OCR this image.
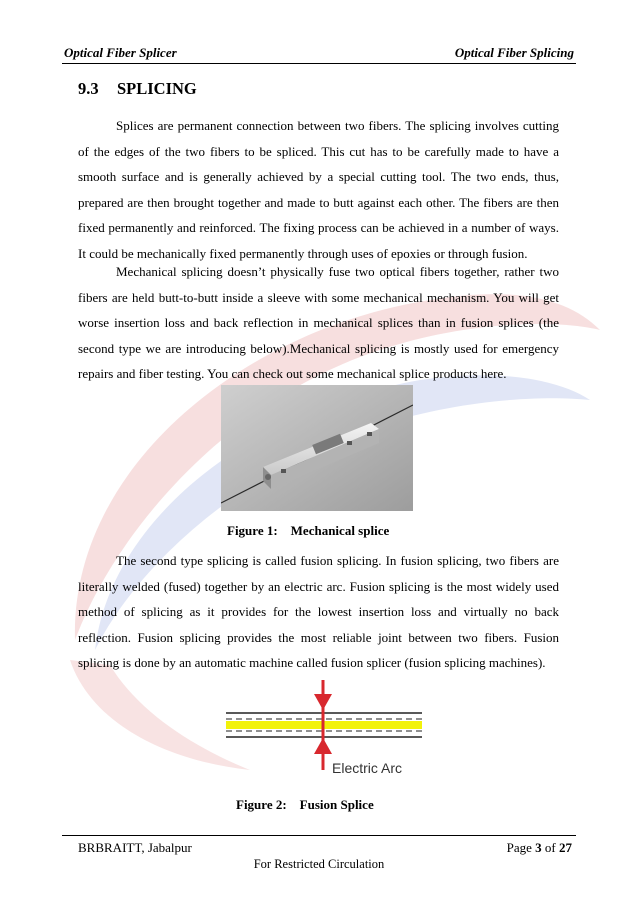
Optical Fiber Splicer	Optical Fiber Splicing
9.3 SPLICING

Splices are permanent connection between two fibers. The splicing involves cutting of the edges of the two fibers to be spliced. This cut has to be carefully made to have a smooth surface and is generally achieved by a special cutting tool. The two ends, thus, prepared are then brought together and made to butt against each other. The fibers are then fixed permanently and reinforced. The fixing process can be achieved in a number of ways. It could be mechanically fixed permanently through uses of epoxies or through fusion.

Mechanical splicing doesn’t physically fuse two optical fibers together, rather two fibers are held butt-to-butt inside a sleeve with some mechanical mechanism. You will get worse insertion loss and back reflection in mechanical splices than in fusion splices (the second type we are introducing below).Mechanical splicing is mostly used for emergency repairs and fiber testing. You can check out some mechanical splice products here.

Figure 1:    Mechanical splice

The second type splicing is called fusion splicing. In fusion splicing, two fibers are literally welded (fused) together by an electric arc. Fusion splicing is the most widely used method of splicing as it provides for the lowest insertion loss and virtually no back reflection. Fusion splicing provides the most reliable joint between two fibers. Fusion splicing is done by an automatic machine called fusion splicer (fusion splicing machines).

Electric Arc
Figure 2:    Fusion Splice
BRBRAITT, Jabalpur	Page 3 of 27
For Restricted Circulation
